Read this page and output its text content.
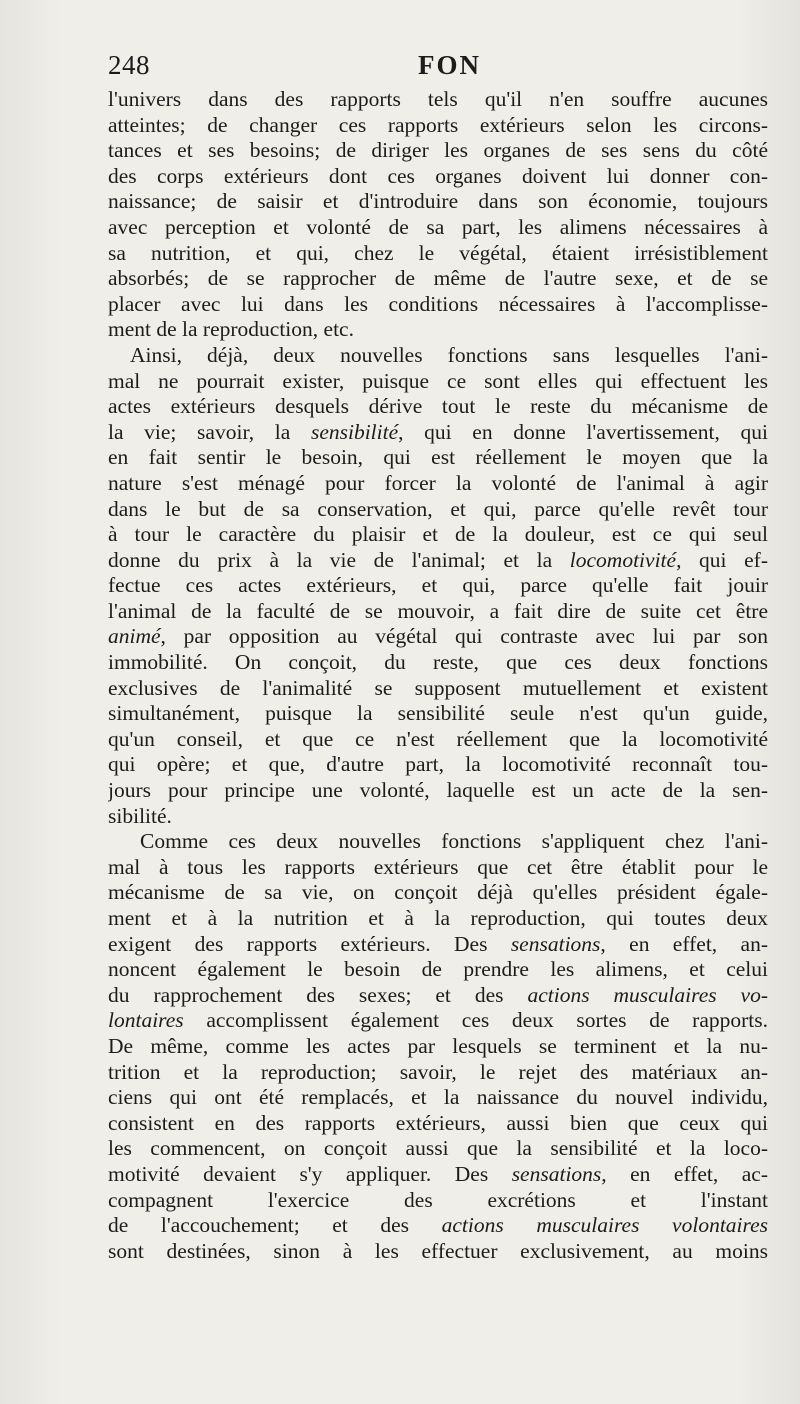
248	FON
l'univers dans des rapports tels qu'il n'en souffre aucunes
atteintes; de changer ces rapports extérieurs selon les circons-
tances et ses besoins; de diriger les organes de ses sens du côté
des corps extérieurs dont ces organes doivent lui donner con-
naissance; de saisir et d'introduire dans son économie, toujours
avec perception et volonté de sa part, les alimens nécessaires à
sa nutrition, et qui, chez le végétal, étaient irrésistiblement
absorbés; de se rapprocher de même de l'autre sexe, et de se
placer avec lui dans les conditions nécessaires à l'accomplisse-
ment de la reproduction, etc.
Ainsi, déjà, deux nouvelles fonctions sans lesquelles l'ani-
mal ne pourrait exister, puisque ce sont elles qui effectuent les
actes extérieurs desquels dérive tout le reste du mécanisme de
la vie; savoir, la sensibilité, qui en donne l'avertissement, qui
en fait sentir le besoin, qui est réellement le moyen que la
nature s'est ménagé pour forcer la volonté de l'animal à agir
dans le but de sa conservation, et qui, parce qu'elle revêt tour
à tour le caractère du plaisir et de la douleur, est ce qui seul
donne du prix à la vie de l'animal; et la locomotivité, qui ef-
fectue ces actes extérieurs, et qui, parce qu'elle fait jouir
l'animal de la faculté de se mouvoir, a fait dire de suite cet être
animé, par opposition au végétal qui contraste avec lui par son
immobilité. On conçoit, du reste, que ces deux fonctions
exclusives de l'animalité se supposent mutuellement et existent
simultanément, puisque la sensibilité seule n'est qu'un guide,
qu'un conseil, et que ce n'est réellement que la locomotivité
qui opère; et que, d'autre part, la locomotivité reconnaît tou-
jours pour principe une volonté, laquelle est un acte de la sen-
sibilité.
Comme ces deux nouvelles fonctions s'appliquent chez l'ani-
mal à tous les rapports extérieurs que cet être établit pour le
mécanisme de sa vie, on conçoit déjà qu'elles président égale-
ment et à la nutrition et à la reproduction, qui toutes deux
exigent des rapports extérieurs. Des sensations, en effet, an-
noncent également le besoin de prendre les alimens, et celui
du rapprochement des sexes; et des actions musculaires vo-
lontaires accomplissent également ces deux sortes de rapports.
De même, comme les actes par lesquels se terminent et la nu-
trition et la reproduction; savoir, le rejet des matériaux an-
ciens qui ont été remplacés, et la naissance du nouvel individu,
consistent en des rapports extérieurs, aussi bien que ceux qui
les commencent, on conçoit aussi que la sensibilité et la loco-
motivité devaient s'y appliquer. Des sensations, en effet, ac-
compagnent l'exercice des excrétions et l'instant
de l'accouchement; et des actions musculaires volontaires
sont destinées, sinon à les effectuer exclusivement, au moins
